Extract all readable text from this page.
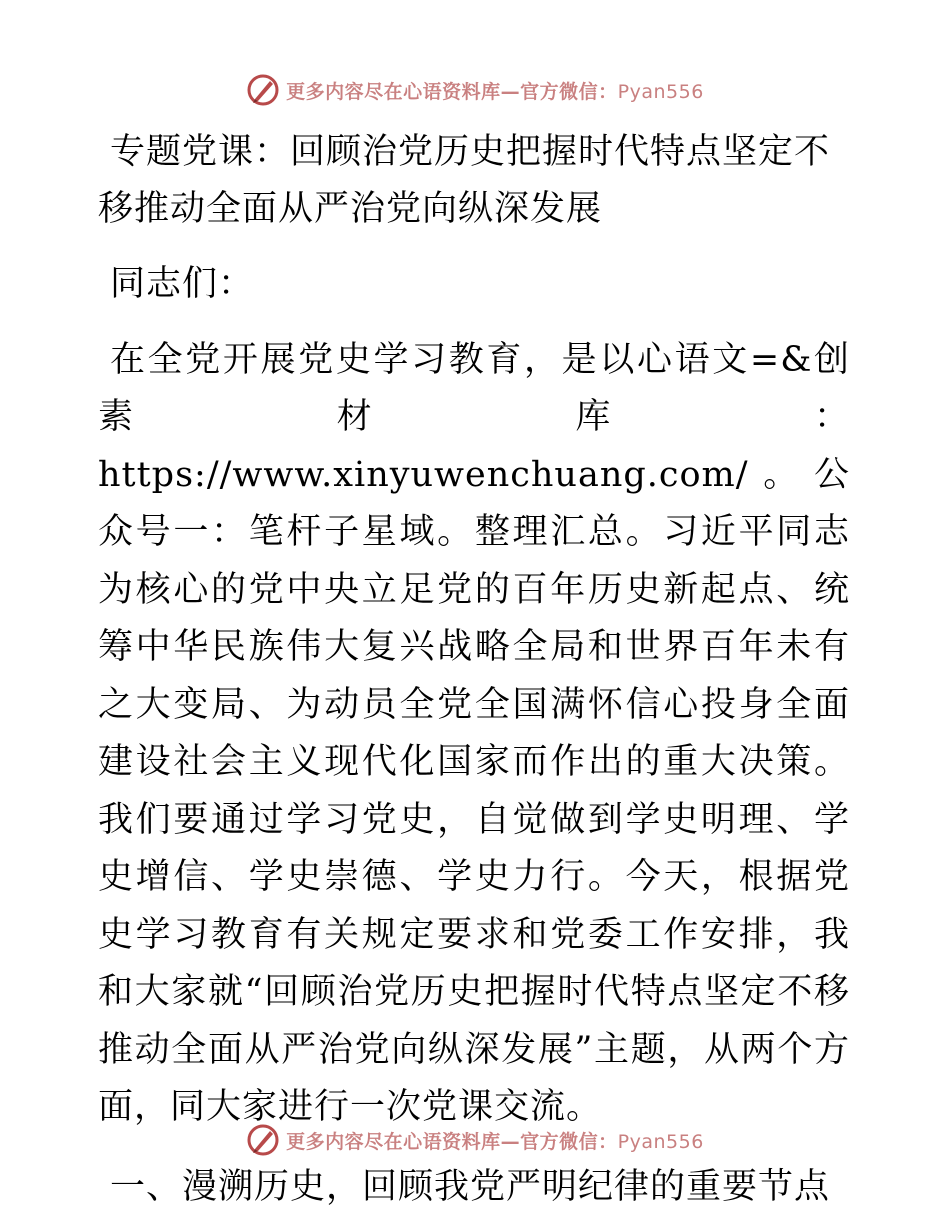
更多内容尽在心语资料库—官方微信：Pyan556
专题党课：回顾治党历史把握时代特点坚定不移推动全面从严治党向纵深发展

同志们：

在全党开展党史学习教育，是以心语文=&创素材库：https://www.xinyuwenchuang.com/。公众号一：笔杆子星域。整理汇总。习近平同志为核心的党中央立足党的百年历史新起点、统筹中华民族伟大复兴战略全局和世界百年未有之大变局、为动员全党全国满怀信心投身全面建设社会主义现代化国家而作出的重大决策。我们要通过学习党史，自觉做到学史明理、学史增信、学史崇德、学史力行。今天，根据党史学习教育有关规定要求和党委工作安排，我和大家就“回顾治党历史把握时代特点坚定不移推动全面从严治党向纵深发展”主题，从两个方面，同大家进行一次党课交流。

一、漫溯历史，回顾我党严明纪律的重要节点

更多内容尽在心语资料库—官方微信：Pyan556
